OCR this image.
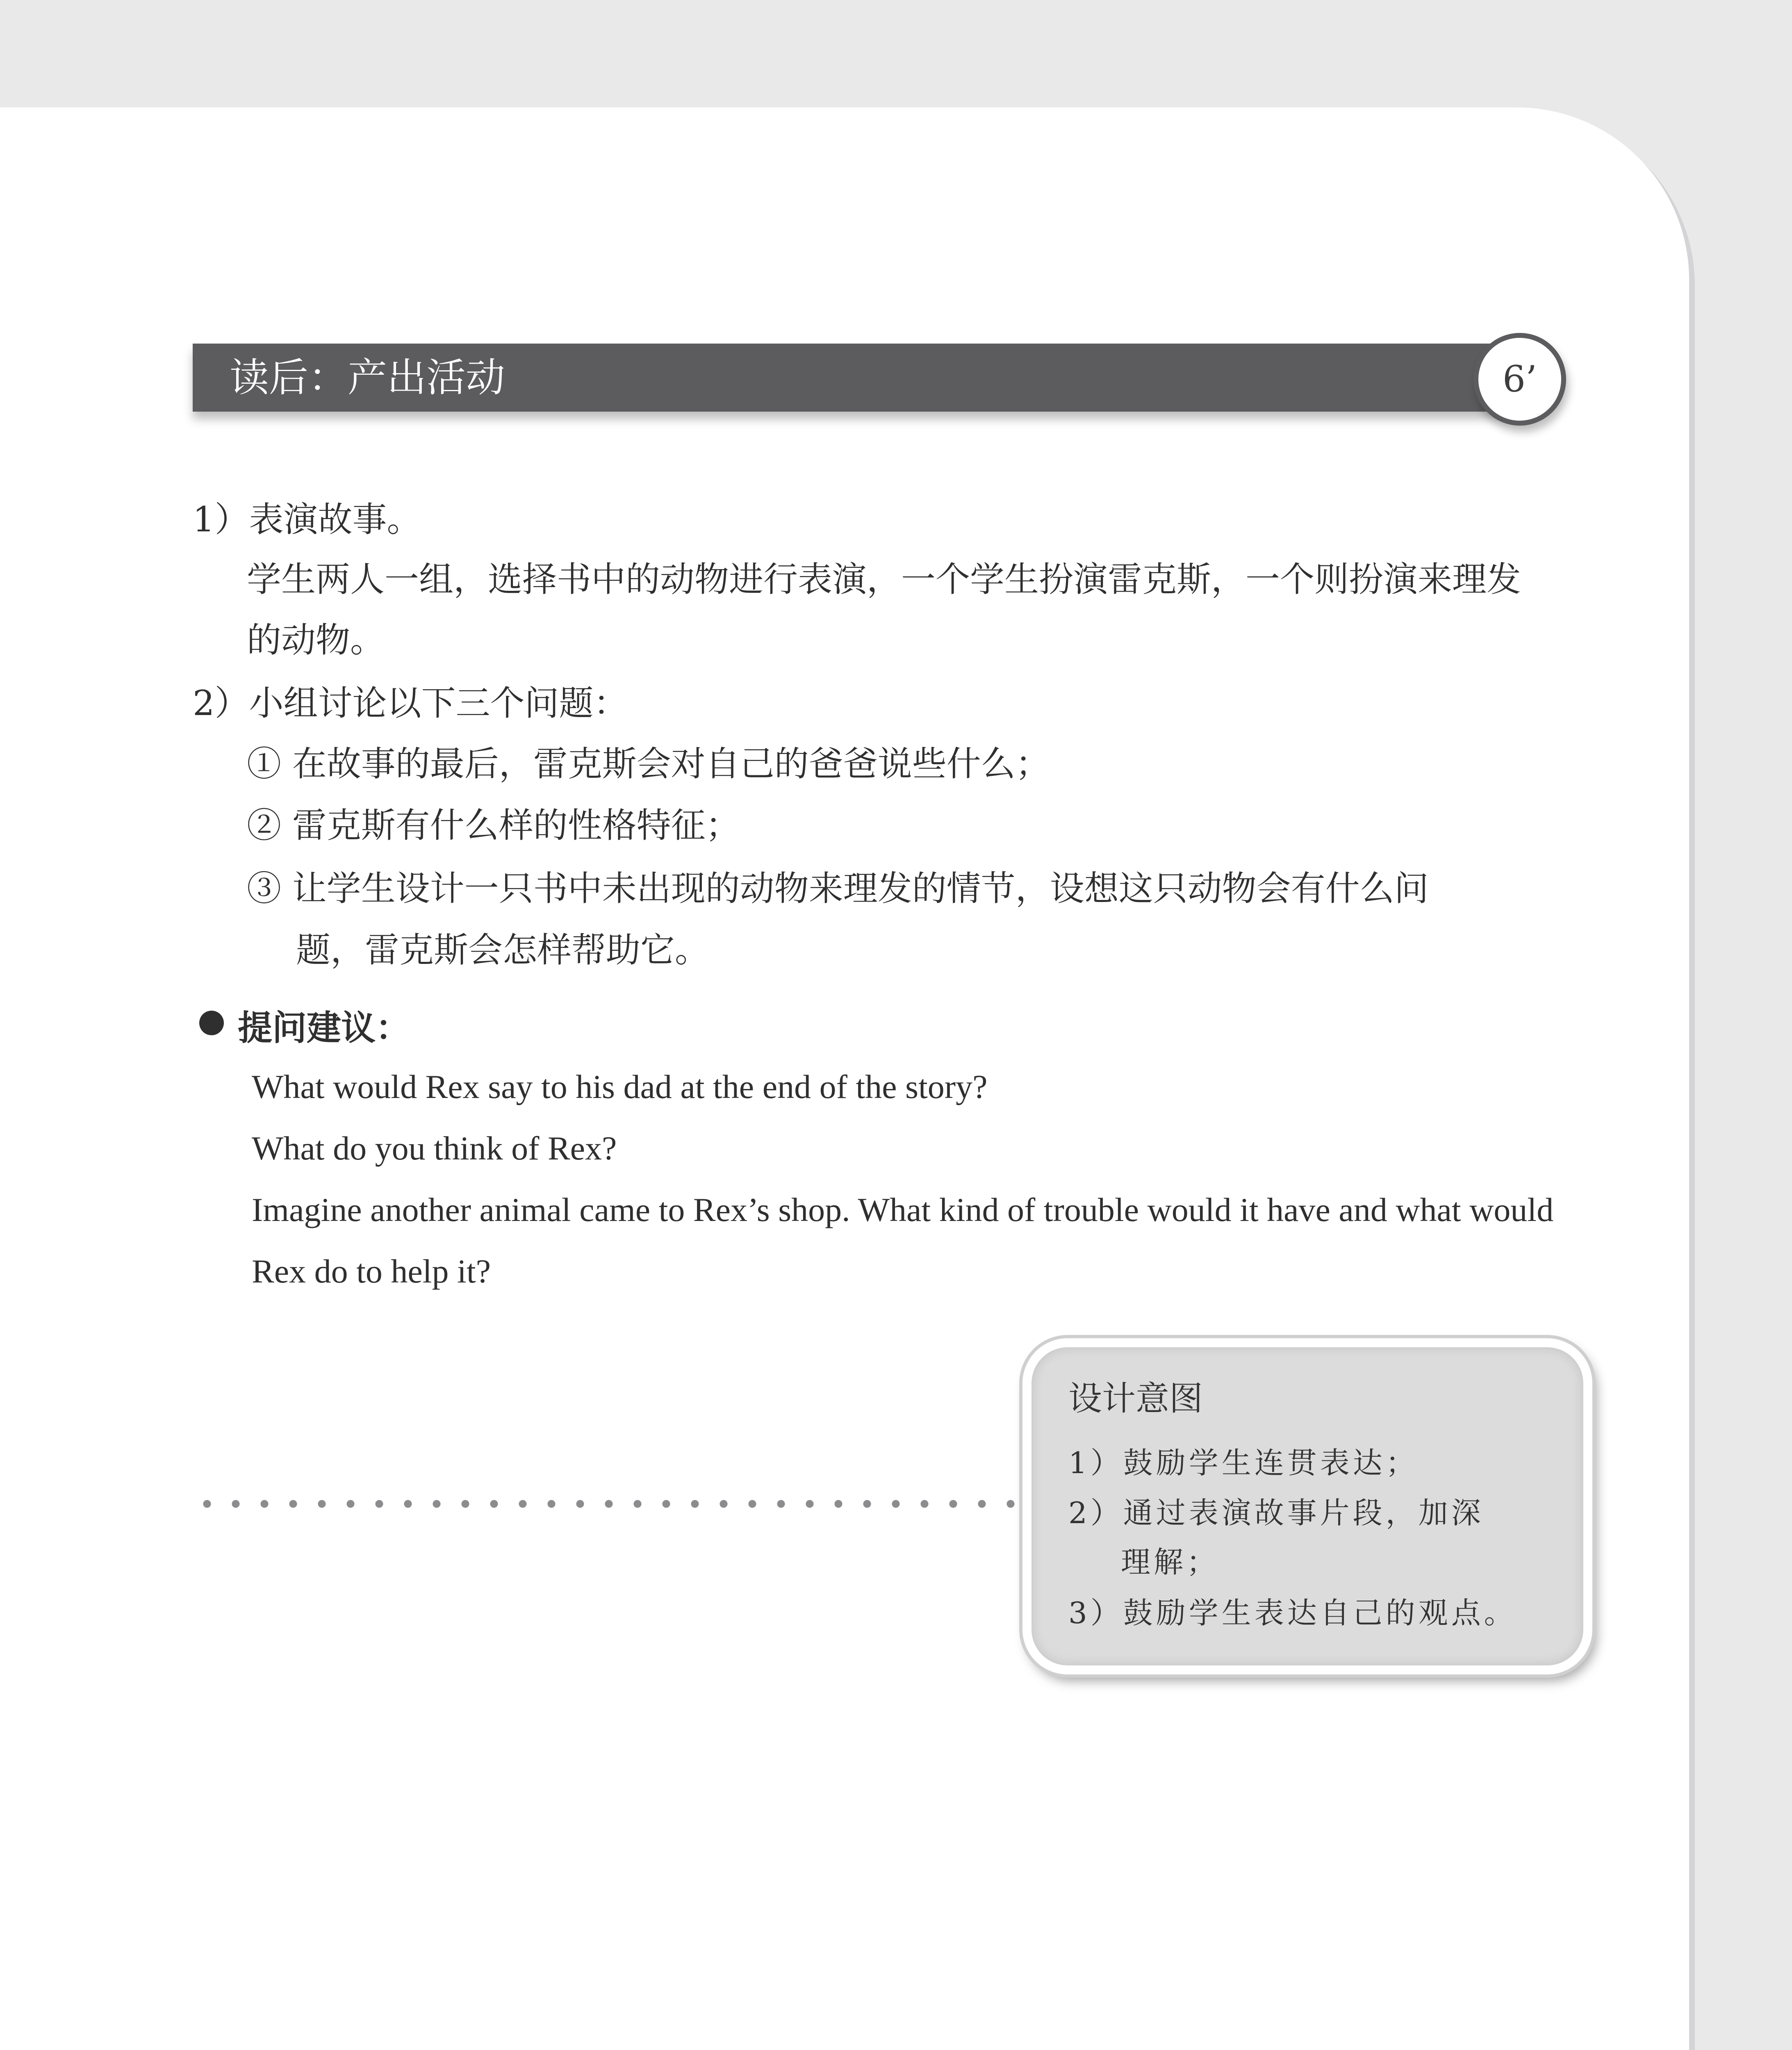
读后：产出活动	6’
1）表演故事。
学生两人一组，选择书中的动物进行表演，一个学生扮演雷克斯，一个则扮演来理发
的动物。
2）小组讨论以下三个问题：
① 在故事的最后，雷克斯会对自己的爸爸说些什么；
② 雷克斯有什么样的性格特征；
③ 让学生设计一只书中未出现的动物来理发的情节，设想这只动物会有什么问
题，雷克斯会怎样帮助它。
提问建议：
What would Rex say to his dad at the end of the story?
What do you think of Rex?
Imagine another animal came to Rex’s shop. What kind of trouble would it have and what would
Rex do to help it?
设计意图
1）鼓励学生连贯表达；
2）通过表演故事片段，加深
理解；
3）鼓励学生表达自己的观点。
